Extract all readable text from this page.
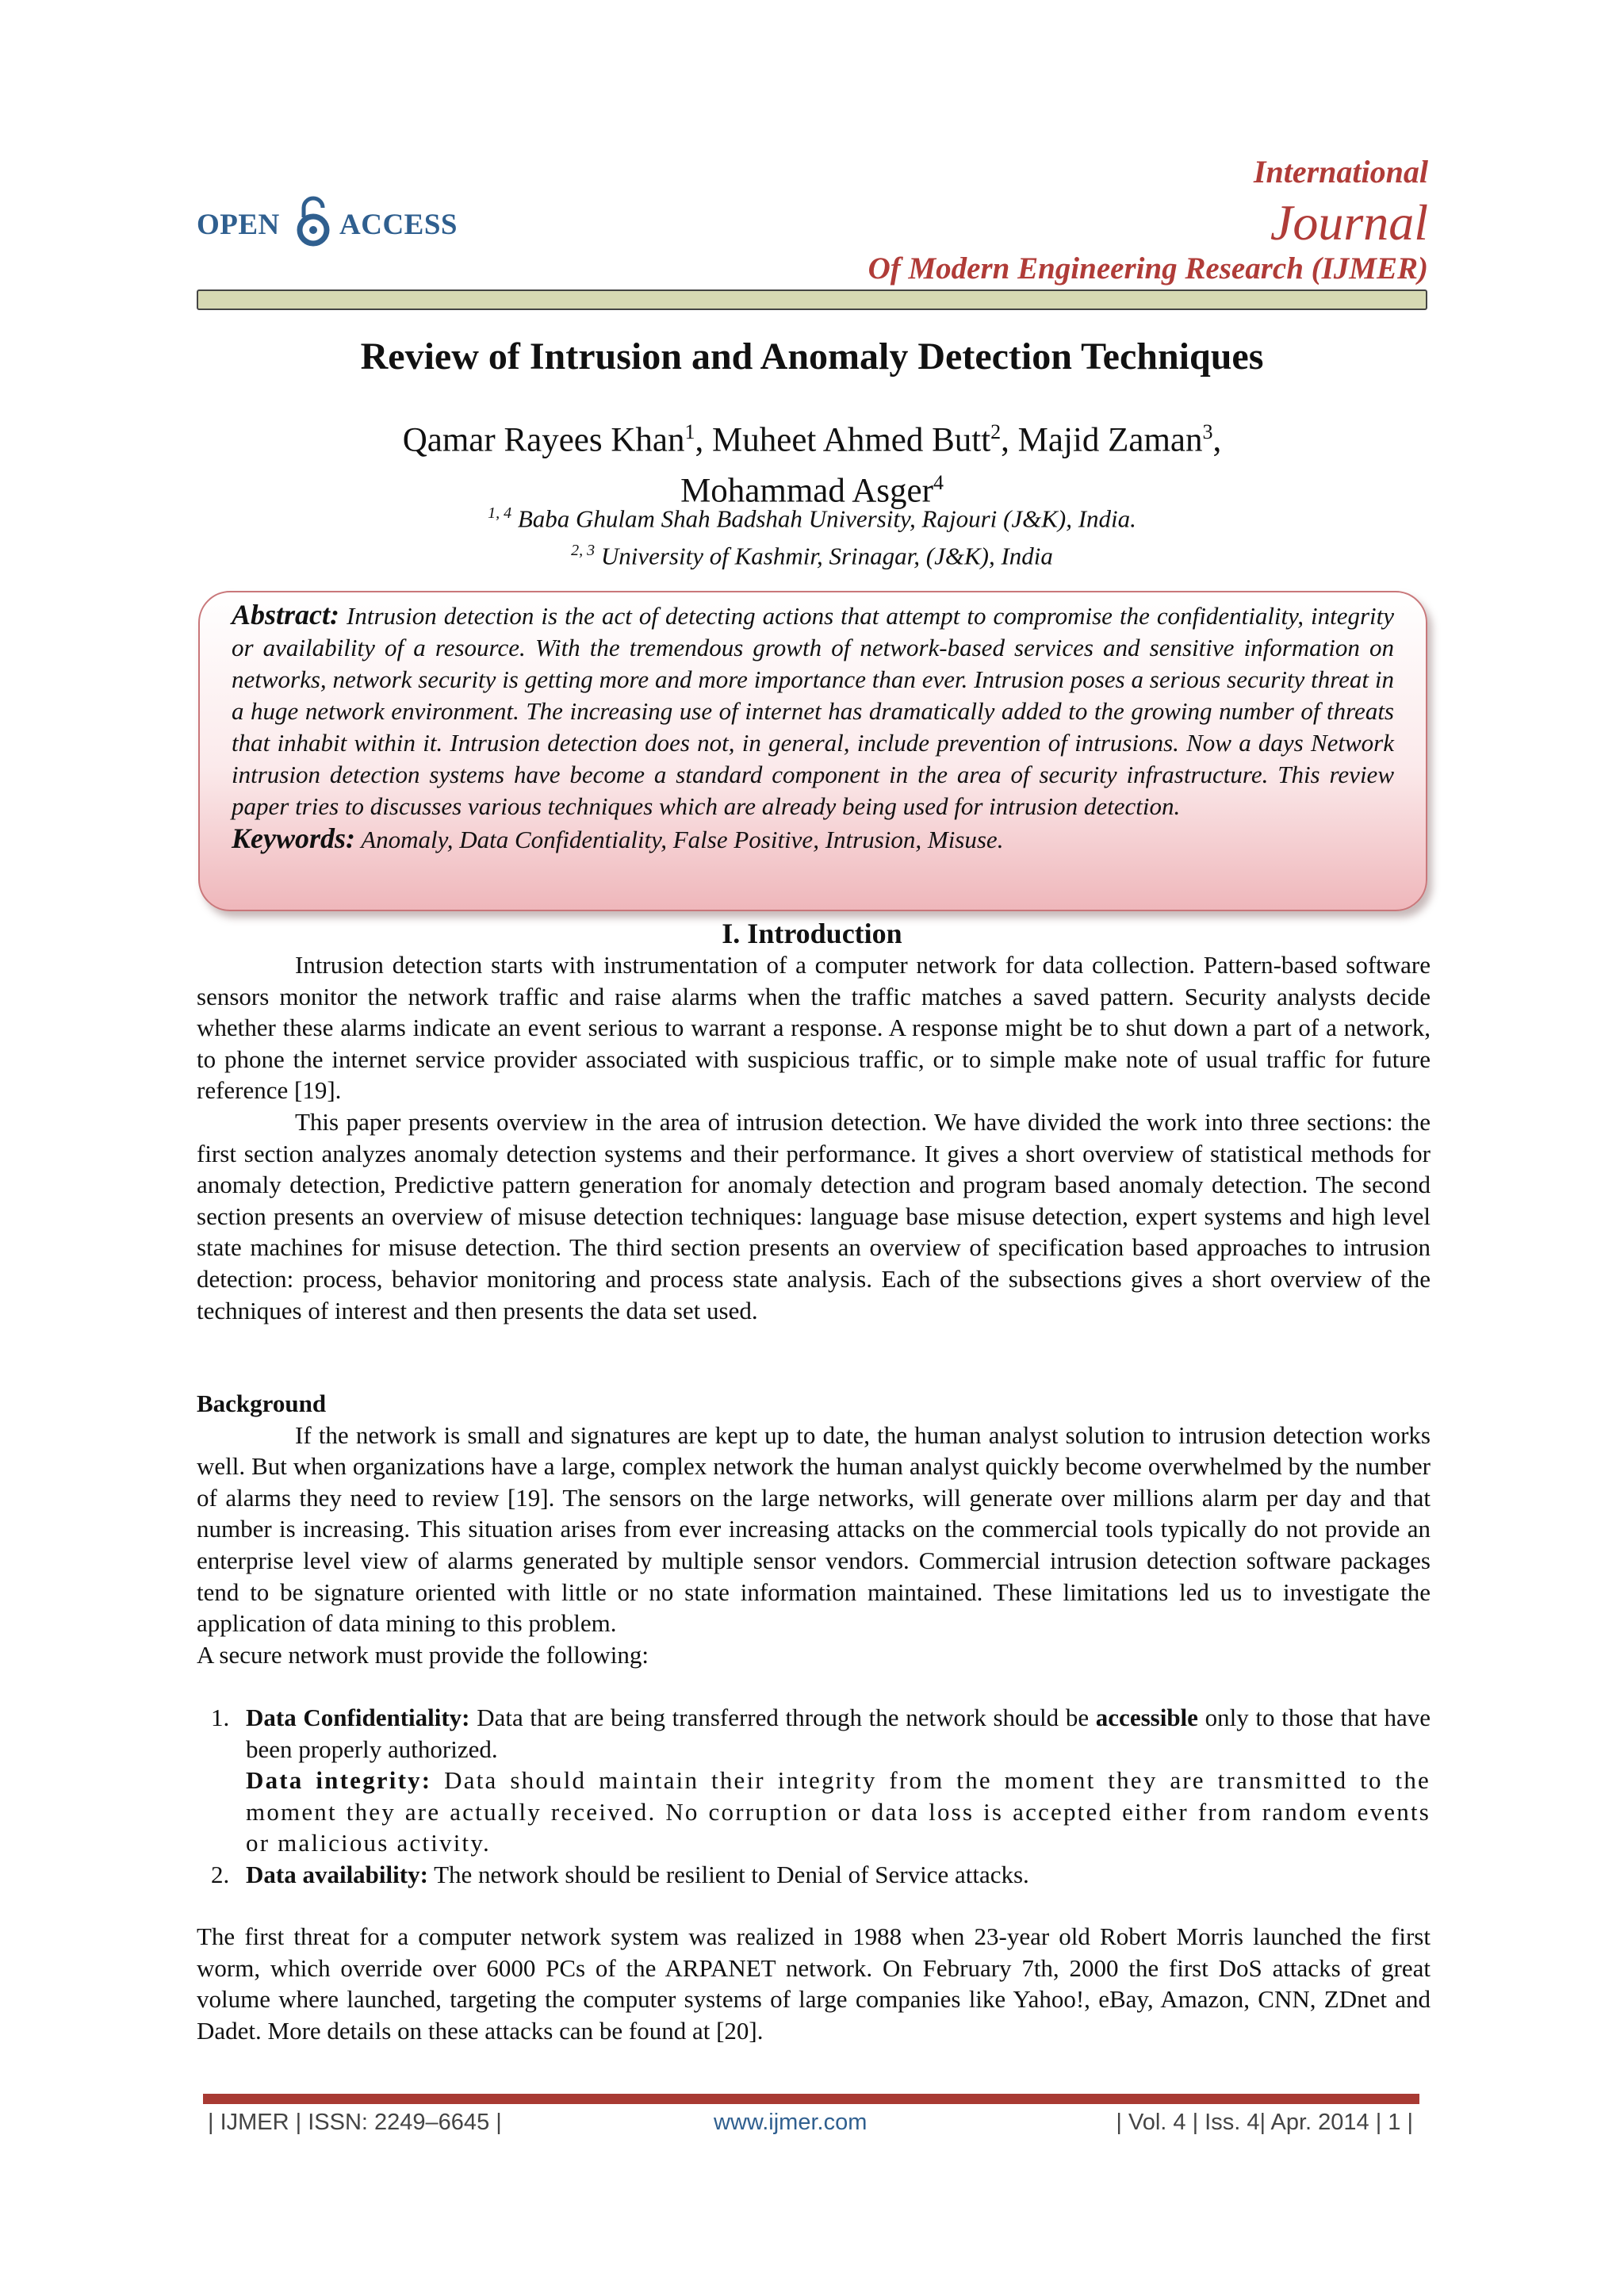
OPEN ACCESS
International
Journal
Of Modern Engineering Research (IJMER)
Review of Intrusion and Anomaly Detection Techniques
Qamar Rayees Khan$^1$, Muheet Ahmed Butt$^2$, Majid Zaman$^3$,
Mohammad Asger$^4$
$^{1, 4}$ Baba Ghulam Shah Badshah University, Rajouri (J&K), India.
$^{2, 3}$ University of Kashmir, Srinagar, (J&K), India
Abstract: Intrusion detection is the act of detecting actions that attempt to compromise the confidentiality, integrity or availability of a resource. With the tremendous growth of network-based services and sensitive information on networks, network security is getting more and more importance than ever. Intrusion poses a serious security threat in a huge network environment. The increasing use of internet has dramatically added to the growing number of threats that inhabit within it. Intrusion detection does not, in general, include prevention of intrusions. Now a days Network intrusion detection systems have become a standard component in the area of security infrastructure. This review paper tries to discusses various techniques which are already being used for intrusion detection.
Keywords: Anomaly, Data Confidentiality, False Positive, Intrusion, Misuse.
I. Introduction

Intrusion detection starts with instrumentation of a computer network for data collection. Pattern-based software sensors monitor the network traffic and raise alarms when the traffic matches a saved pattern. Security analysts decide whether these alarms indicate an event serious to warrant a response. A response might be to shut down a part of a network, to phone the internet service provider associated with suspicious traffic, or to simple make note of usual traffic for future reference [19].

This paper presents overview in the area of intrusion detection. We have divided the work into three sections: the first section analyzes anomaly detection systems and their performance. It gives a short overview of statistical methods for anomaly detection, Predictive pattern generation for anomaly detection and program based anomaly detection. The second section presents an overview of misuse detection techniques: language base misuse detection, expert systems and high level state machines for misuse detection. The third section presents an overview of specification based approaches to intrusion detection: process, behavior monitoring and process state analysis. Each of the subsections gives a short overview of the techniques of interest and then presents the data set used.

Background

If the network is small and signatures are kept up to date, the human analyst solution to intrusion detection works well. But when organizations have a large, complex network the human analyst quickly become overwhelmed by the number of alarms they need to review [19]. The sensors on the large networks, will generate over millions alarm per day and that number is increasing. This situation arises from ever increasing attacks on the commercial tools typically do not provide an enterprise level view of alarms generated by multiple sensor vendors. Commercial intrusion detection software packages tend to be signature oriented with little or no state information maintained. These limitations led us to investigate the application of data mining to this problem.

A secure network must provide the following:

1. Data Confidentiality: Data that are being transferred through the network should be accessible only to those that have been properly authorized.
Data integrity: Data should maintain their integrity from the moment they are transmitted to the moment they are actually received. No corruption or data loss is accepted either from random events or malicious activity.
2. Data availability: The network should be resilient to Denial of Service attacks.

The first threat for a computer network system was realized in 1988 when 23-year old Robert Morris launched the first worm, which override over 6000 PCs of the ARPANET network. On February 7th, 2000 the first DoS attacks of great volume where launched, targeting the computer systems of large companies like Yahoo!, eBay, Amazon, CNN, ZDnet and Dadet. More details on these attacks can be found at [20].

| IJMER | ISSN: 2249–6645 |	www.ijmer.com	| Vol. 4 | Iss. 4| Apr. 2014 | 1 |
